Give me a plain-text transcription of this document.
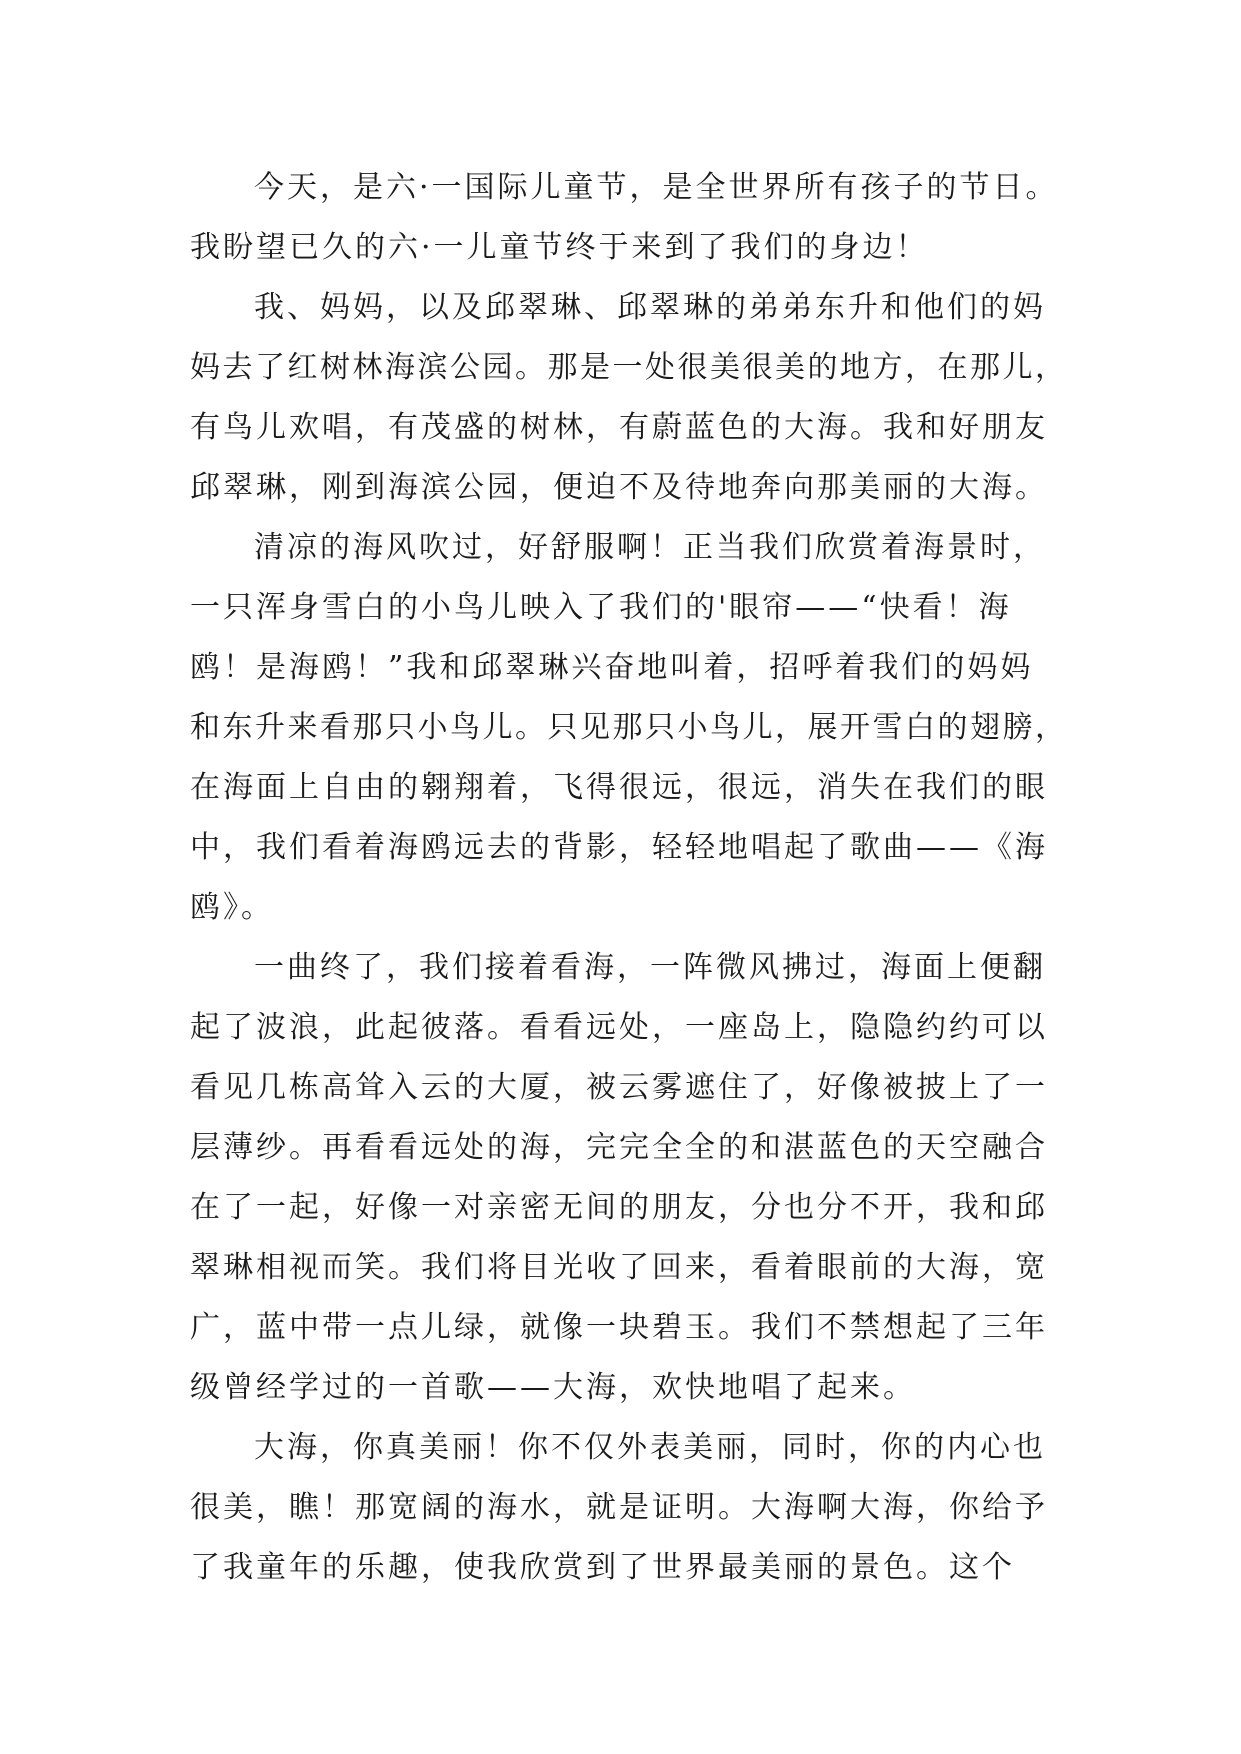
今天，是六·一国际儿童节，是全世界所有孩子的节日。
我盼望已久的六·一儿童节终于来到了我们的身边！
我、妈妈，以及邱翠琳、邱翠琳的弟弟东升和他们的妈
妈去了红树林海滨公园。那是一处很美很美的地方，在那儿，
有鸟儿欢唱，有茂盛的树林，有蔚蓝色的大海。我和好朋友
邱翠琳，刚到海滨公园，便迫不及待地奔向那美丽的大海。
清凉的海风吹过，好舒服啊！正当我们欣赏着海景时，
一只浑身雪白的小鸟儿映入了我们的'眼帘——“快看！海
鸥！是海鸥！”我和邱翠琳兴奋地叫着，招呼着我们的妈妈
和东升来看那只小鸟儿。只见那只小鸟儿，展开雪白的翅膀，
在海面上自由的翱翔着，飞得很远，很远，消失在我们的眼
中，我们看着海鸥远去的背影，轻轻地唱起了歌曲——《海
鸥》。
一曲终了，我们接着看海，一阵微风拂过，海面上便翻
起了波浪，此起彼落。看看远处，一座岛上，隐隐约约可以
看见几栋高耸入云的大厦，被云雾遮住了，好像被披上了一
层薄纱。再看看远处的海，完完全全的和湛蓝色的天空融合
在了一起，好像一对亲密无间的朋友，分也分不开，我和邱
翠琳相视而笑。我们将目光收了回来，看着眼前的大海，宽
广，蓝中带一点儿绿，就像一块碧玉。我们不禁想起了三年
级曾经学过的一首歌——大海，欢快地唱了起来。
大海，你真美丽！你不仅外表美丽，同时，你的内心也
很美，瞧！那宽阔的海水，就是证明。大海啊大海，你给予
了我童年的乐趣，使我欣赏到了世界最美丽的景色。这个
